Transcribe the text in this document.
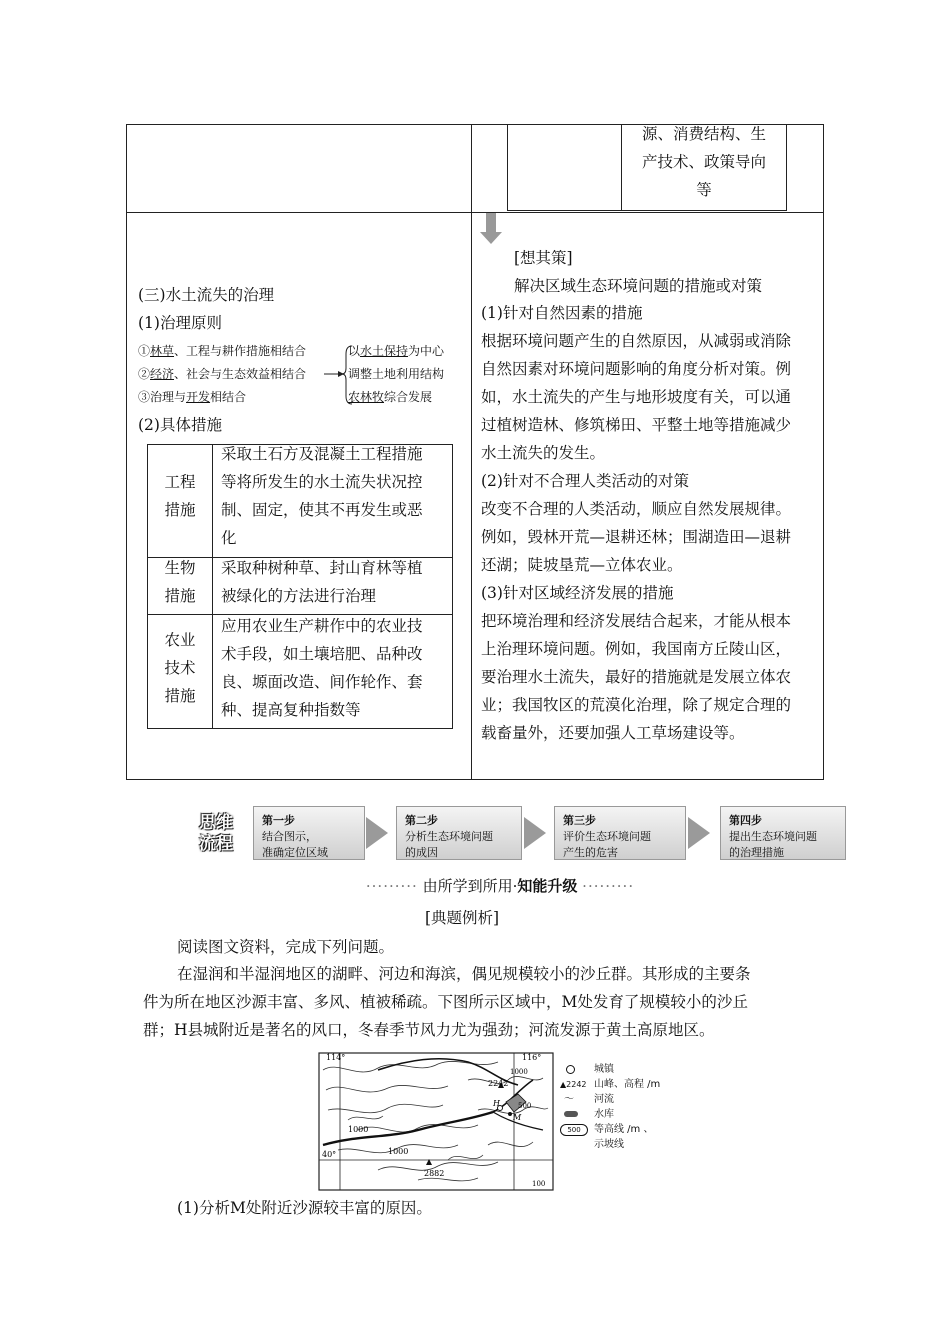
源、消费结构、生
产技术、政策导向
等
(三)水土流失的治理
(1)治理原则
①林草、工程与耕作措施相结合
②经济、社会与生态效益相结合
③治理与开发相结合
以水土保持为中心
调整土地利用结构
农林牧综合发展
(2)具体措施
工程
措施
采取土石方及混凝土工程措施
等将所发生的水土流失状况控
制、固定，使其不再发生或恶
化
生物
措施
采取种树种草、封山育林等植
被绿化的方法进行治理
农业
技术
措施
应用农业生产耕作中的农业技
术手段，如土壤培肥、品种改
良、塬面改造、间作轮作、套
种、提高复种指数等
[想其策]
解决区域生态环境问题的措施或对策
(1)针对自然因素的措施
根据环境问题产生的自然原因，从减弱或消除
自然因素对环境问题影响的角度分析对策。例
如，水土流失的产生与地形坡度有关，可以通
过植树造林、修筑梯田、平整土地等措施减少
水土流失的发生。
(2)针对不合理人类活动的对策
改变不合理的人类活动，顺应自然发展规律。
例如，毁林开荒—退耕还林；围湖造田—退耕
还湖；陡坡垦荒—立体农业。
(3)针对区域经济发展的措施
把环境治理和经济发展结合起来，才能从根本
上治理环境问题。例如，我国南方丘陵山区，
要治理水土流失，最好的措施就是发展立体农
业；我国牧区的荒漠化治理，除了规定合理的
载畜量外，还要加强人工草场建设等。
思维
流程
第一步
结合图示，
准确定位区域
第二步
分析生态环境问题
的成因
第三步
评价生态环境问题
产生的危害
第四步
提出生态环境问题
的治理措施
········· 由所学到所用·知能升级 ·········
[典题例析]
阅读图文资料，完成下列问题。
在湿润和半湿润地区的湖畔、河边和海滨，偶见规模较小的沙丘群。其形成的主要条
件为所在地区沙源丰富、多风、植被稀疏。下图所示区域中，M处发育了规模较小的沙丘
群；H县城附近是著名的风口，冬春季节风力尤为强劲；河流发源于黄土高原地区。
114°	116°
40°
2242
2882
1000
1000
1000
500
100
H
M
城镇
▲2242 山峰、高程 /m
〜 河流
水库
500	等高线 /m 、
示坡线
(1)分析M处附近沙源较丰富的原因。
